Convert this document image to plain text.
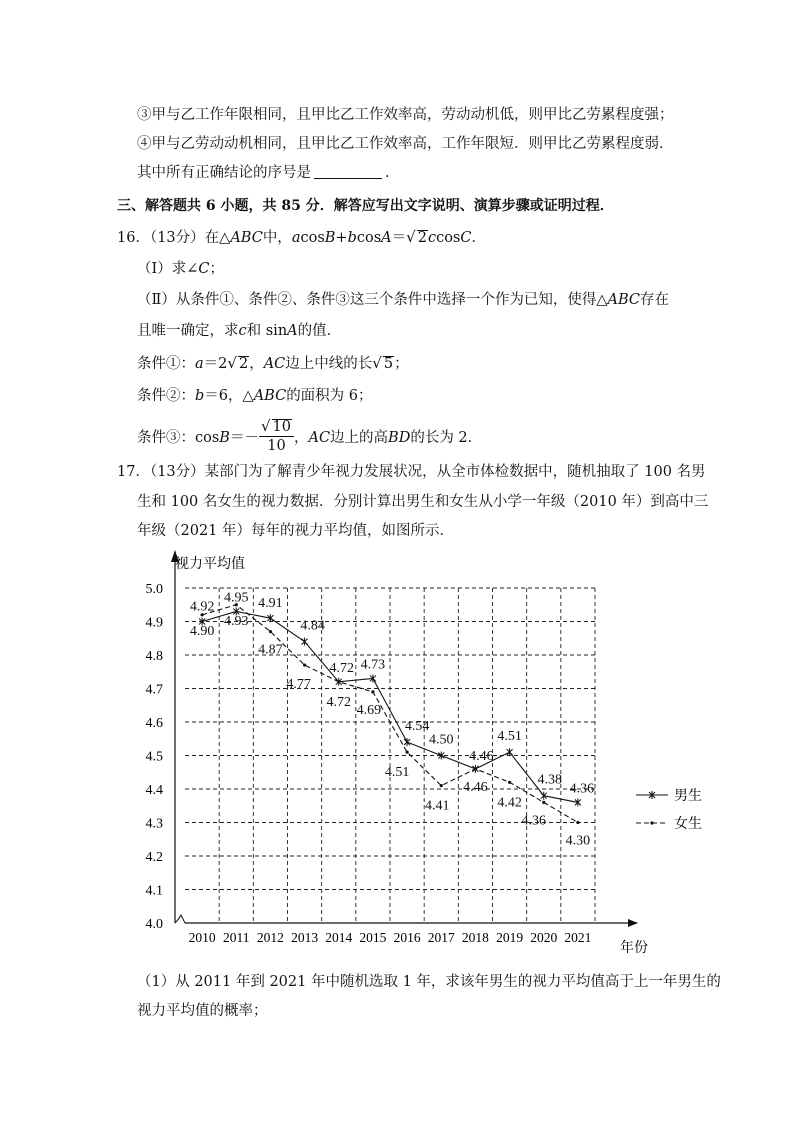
③甲与乙工作年限相同，且甲比乙工作效率高，劳动动机低，则甲比乙劳累程度强；
④甲与乙劳动动机相同，且甲比乙工作效率高，工作年限短．则甲比乙劳累程度弱．
其中所有正确结论的序号是	．
三、解答题共 6 小题，共 85 分．解答应写出文字说明、演算步骤或证明过程．
16．（13分）在△ABC中，acosB+bcosA＝√ 2ccosC．
（Ⅰ）求∠C；
（Ⅱ）从条件①、条件②、条件③这三个条件中选择一个作为已知，使得△ABC存在
且唯一确定，求c和 sinA的值．
条件①：a＝2√ 2，AC边上中线的长√ 5；
条件②：b＝6，△ABC的面积为 6；
条件③：$\cos B=- \frac{√ 10}{10}$ ，AC边上的高BD的长为 2．
17．（13分）某部门为了解青少年视力发展状况，从全市体检数据中，随机抽取了 100 名男
生和 100 名女生的视力数据．分别计算出男生和女生从小学一年级（2010 年）到高中三
年级（2021 年）每年的视力平均值，如图所示．
4.0
4.1
4.2
4.3
4.4
4.5
4.6
4.7
4.8
4.9
5.0
2010 2011 2012 2013 2014 2015 2016 2017 2018 2019 2020 2021
视力平均值
年份
4.92
4.95 4.91
4.90
4.93
4.87
4.84
4.77
4.72 4.73
4.72
4.69
4.54
4.50	4.51
4.51
4.46
4.41
4.46
4.42
4.38
4.36
4.36
4.30
男生
女生
（1）从 2011 年到 2021 年中随机选取 1 年，求该年男生的视力平均值高于上一年男生的
视力平均值的概率；
